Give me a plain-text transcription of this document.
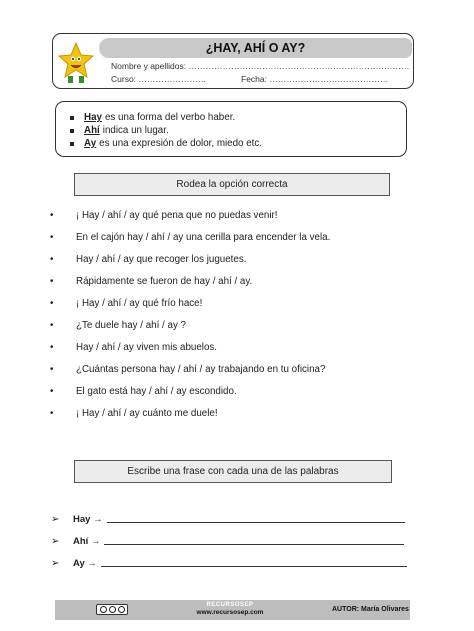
¿HAY, AHÍ O AY?
Nombre y apellidos: ……………………………………………………………………
Curso: ……………………	Fecha: ……………………………………
Hay es una forma del verbo haber.
Ahí indica un lugar.
Ay es una expresión de dolor, miedo etc.
Rodea la opción correcta
•	¡ Hay / ahí / ay qué pena que no puedas venir!
•	En el cajón hay / ahí / ay una cerilla para encender la vela.
•	Hay / ahí / ay que recoger los juguetes.
•	Rápidamente se fueron de hay / ahí / ay.
•	¡ Hay / ahí / ay qué frío hace!
•	¿Te duele hay / ahí / ay ?
•	Hay / ahí / ay viven mis abuelos.
•	¿Cuántas persona hay / ahí / ay trabajando en tu oficina?
•	El gato está hay / ahí / ay escondido.
•	¡ Hay / ahí / ay cuánto me duele!
Escribe una frase con cada una de las palabras
➢	Hay →
➢	Ahí →
➢	Ay →
RECURSOSEP
www.recursosep.com	AUTOR: María Olivares
